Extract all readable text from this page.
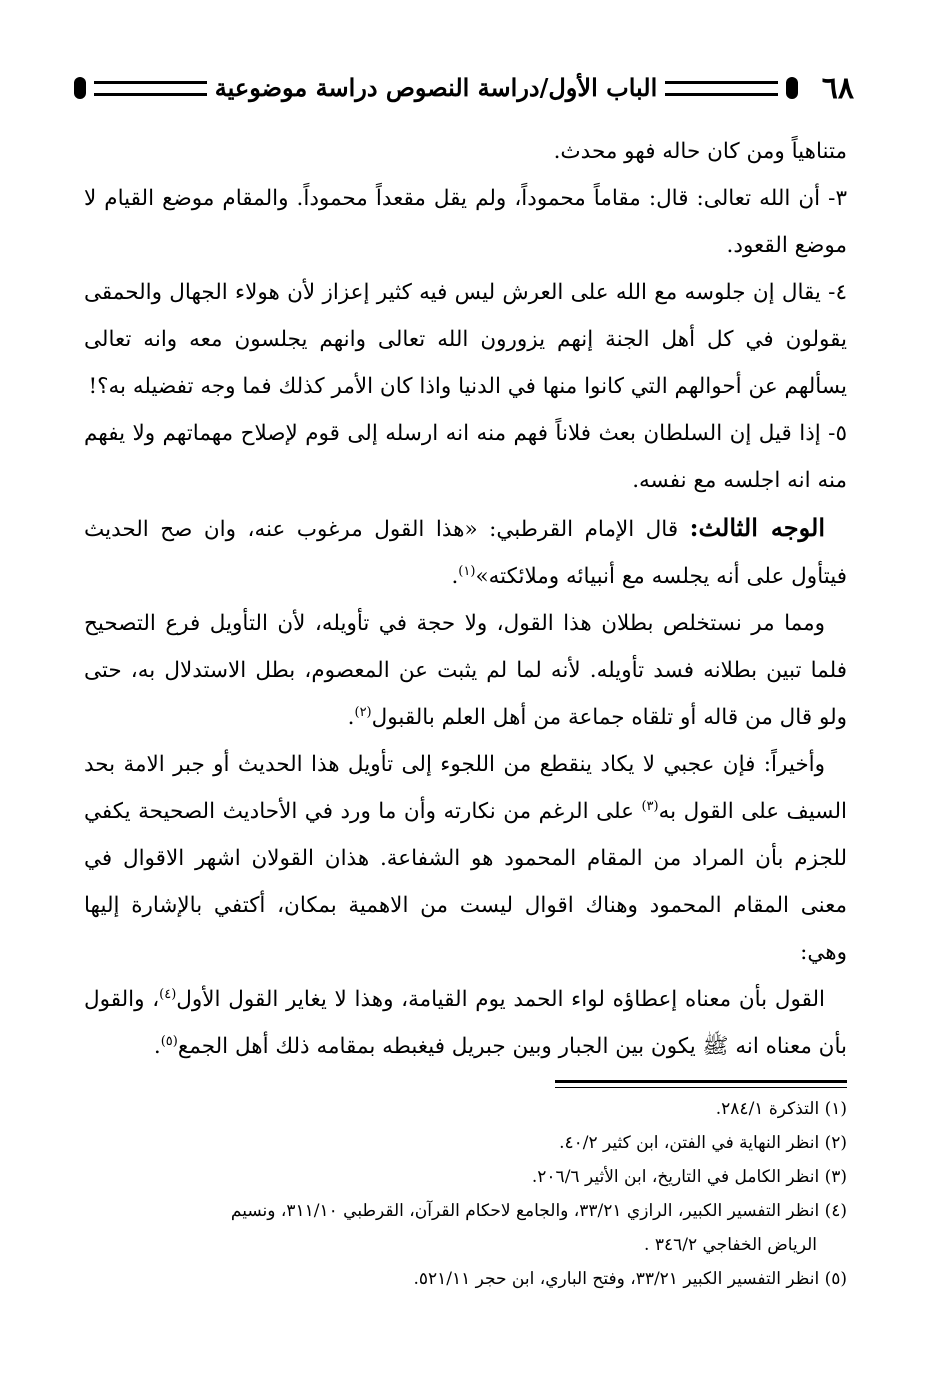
الباب الأول/دراسة النصوص دراسة موضوعية	٦٨

متناهياً ومن كان حاله فهو محدث.

٣- أن الله تعالى: قال: مقاماً محموداً، ولم يقل مقعداً محموداً. والمقام موضع القيام لا موضع القعود.

٤- يقال إن جلوسه مع الله على العرش ليس فيه كثير إعزاز لأن هولاء الجهال والحمقى يقولون في كل أهل الجنة إنهم يزورون الله تعالى وانهم يجلسون معه وانه تعالى يسألهم عن أحوالهم التي كانوا منها في الدنيا واذا كان الأمر كذلك فما وجه تفضيله به؟!

٥- إذا قيل إن السلطان بعث فلاناً فهم منه انه ارسله إلى قوم لإصلاح مهماتهم ولا يفهم منه انه اجلسه مع نفسه.

الوجه الثالث: قال الإمام القرطبي: «هذا القول مرغوب عنه، وان صح الحديث فيتأول على أنه يجلسه مع أنبيائه وملائكته»$^{(١)}$.

ومما مر نستخلص بطلان هذا القول، ولا حجة في تأويله، لأن التأويل فرع التصحيح فلما تبين بطلانه فسد تأويله. لأنه لما لم يثبت عن المعصوم، بطل الاستدلال به، حتى ولو قال من قاله أو تلقاه جماعة من أهل العلم بالقبول$^{(٢)}$.

وأخيراً: فإن عجبي لا يكاد ينقطع من اللجوء إلى تأويل هذا الحديث أو جبر الامة بحد السيف على القول به$^{(٣)}$ على الرغم من نكارته وأن ما ورد في الأحاديث الصحيحة يكفي للجزم بأن المراد من المقام المحمود هو الشفاعة. هذان القولان اشهر الاقوال في معنى المقام المحمود وهناك اقوال ليست من الاهمية بمكان، أكتفي بالإشارة إليها وهي:

القول بأن معناه إعطاؤه لواء الحمد يوم القيامة، وهذا لا يغاير القول الأول$^{(٤)}$، والقول بأن معناه انه ﷺ يكون بين الجبار وبين جبريل فيغبطه بمقامه ذلك أهل الجمع$^{(٥)}$.

(١) التذكرة ٢٨٤/١.

(٢) انظر النهاية في الفتن، ابن كثير ٤٠/٢.

(٣) انظر الكامل في التاريخ، ابن الأثير ٢٠٦/٦.

(٤) انظر التفسير الكبير، الرازي ٣٣/٢١، والجامع لاحكام القرآن، القرطبي ٣١١/١٠، ونسيم

الرياض الخفاجي ٣٤٦/٢ .

(٥) انظر التفسير الكبير ٣٣/٢١، وفتح الباري، ابن حجر ٥٢١/١١.
